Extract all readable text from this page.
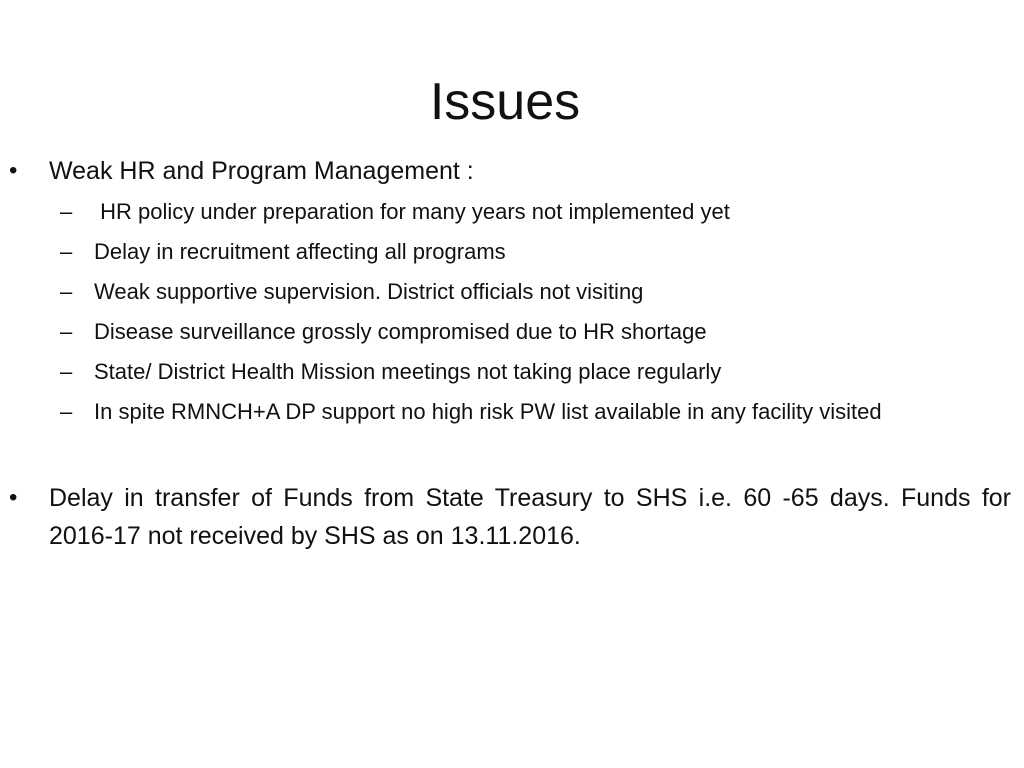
Issues
•	Weak HR and Program Management :
– HR policy under preparation for many years not implemented yet
– Delay in recruitment affecting all programs
– Weak supportive supervision. District officials not visiting
– Disease surveillance grossly compromised due to HR shortage
– State/ District Health Mission meetings not taking place regularly
– In spite RMNCH+A DP support no high risk PW list available in any facility visited
•	Delay in transfer of Funds from State Treasury to SHS i.e. 60 -65 days. Funds for 2016-17 not received by SHS as on 13.11.2016.
